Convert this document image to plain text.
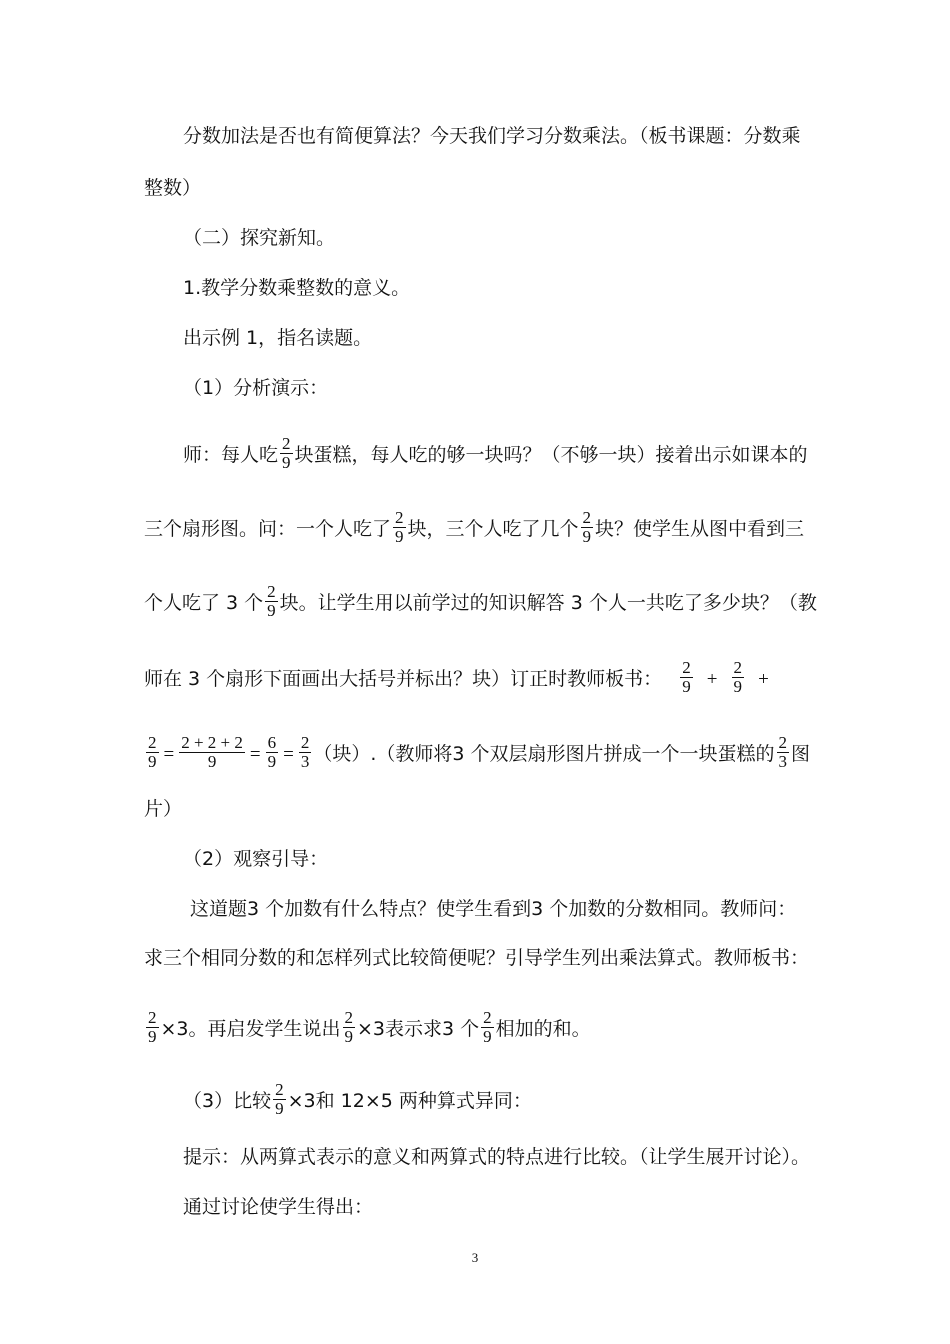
分数加法是否也有简便算法？今天我们学习分数乘法。（板书课题：分数乘
整数）
（二）探究新知。
1.教学分数乘整数的意义。
出示例 1，指名读题。
（1）分析演示：
师：每人吃 $\frac{2}{9}$ 块蛋糕，每人吃的够一块吗？（不够一块）接着出示如课本的
三个扇形图。问：一个人吃了 $\frac{2}{9}$ 块，三个人吃了几个 $\frac{2}{9}$ 块？使学生从图中看到三
个人吃了 3 个 $\frac{2}{9}$ 块。让学生用以前学过的知识解答 3 个人一共吃了多少块？（教
师在 3 个扇形下面画出大括号并标出？块）订正时教师板书： $\frac{2}{9} + \frac{2}{9}$ +
$\frac{2}{9} = \frac{2 + 2 + 2}{9} = \frac{6}{9} = \frac{2}{3}$ （块）.（教师将3 个双层扇形图片拼成一个一块蛋糕的 $\frac{2}{3}$ 图
片）
（2）观察引导：
这道题3 个加数有什么特点？使学生看到3 个加数的分数相同。教师问：
求三个相同分数的和怎样列式比较简便呢？引导学生列出乘法算式。教师板书：
$\frac{2}{9} \times 3$。再启发学生说出 $\frac{2}{9} \times 3$表示求3 个 $\frac{2}{9}$ 相加的和。
（3）比较 $\frac{2}{9} \times 3$和 12×5 两种算式异同：
提示：从两算式表示的意义和两算式的特点进行比较。（让学生展开讨论）。
通过讨论使学生得出：
3
